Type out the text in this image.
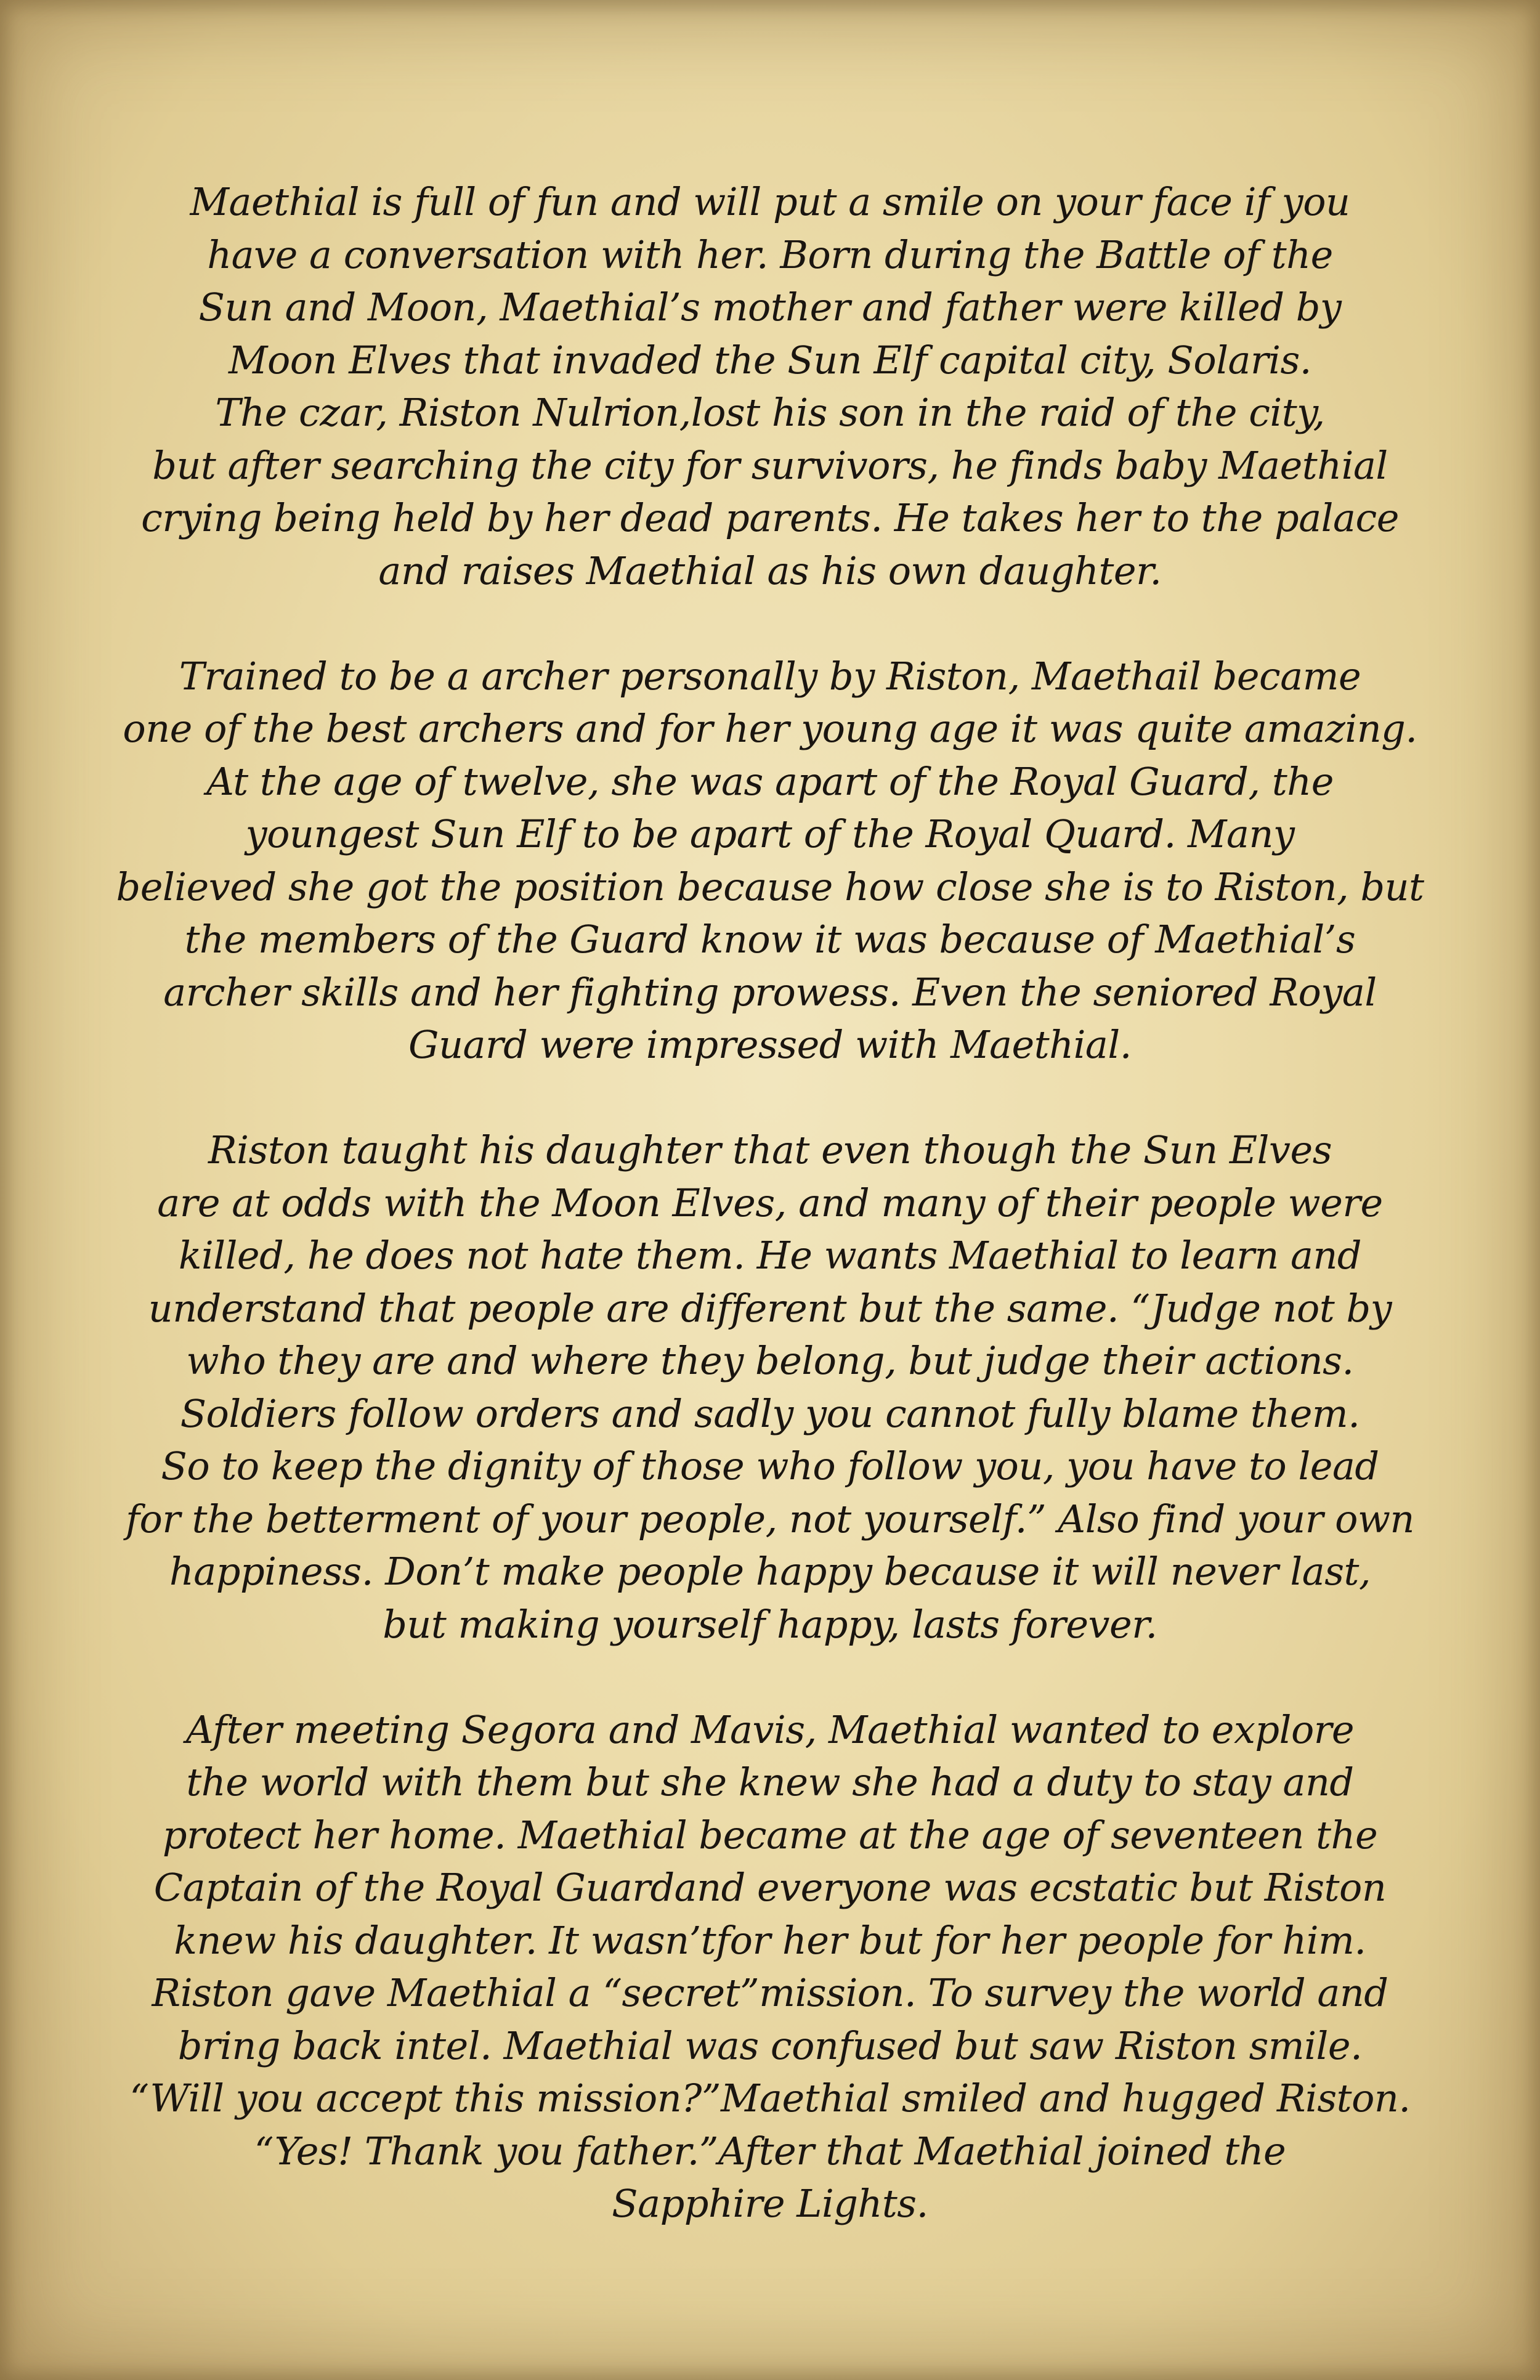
Maethial is full of fun and will put a smile on your face if you
have a conversation with her. Born during the Battle of the
Sun and Moon, Maethial’s mother and father were killed by
Moon Elves that invaded the Sun Elf capital city, Solaris.
The czar, Riston Nulrion,lost his son in the raid of the city,
but after searching the city for survivors, he finds baby Maethial
crying being held by her dead parents. He takes her to the palace
and raises Maethial as his own daughter.

Trained to be a archer personally by Riston, Maethail became
one of the best archers and for her young age it was quite amazing.
At the age of twelve, she was apart of the Royal Guard, the
youngest Sun Elf to be apart of the Royal Quard. Many
believed she got the position because how close she is to Riston, but
the members of the Guard know it was because of Maethial’s
archer skills and her fighting prowess. Even the seniored Royal
Guard were impressed with Maethial.

Riston taught his daughter that even though the Sun Elves
are at odds with the Moon Elves, and many of their people were
killed, he does not hate them. He wants Maethial to learn and
understand that people are different but the same. “Judge not by
who they are and where they belong, but judge their actions.
Soldiers follow orders and sadly you cannot fully blame them.
So to keep the dignity of those who follow you, you have to lead
for the betterment of your people, not yourself.” Also find your own
happiness. Don’t make people happy because it will never last,
but making yourself happy, lasts forever.

After meeting Segora and Mavis, Maethial wanted to explore
the world with them but she knew she had a duty to stay and
protect her home. Maethial became at the age of seventeen the
Captain of the Royal Guardand everyone was ecstatic but Riston
knew his daughter. It wasn’tfor her but for her people for him.
Riston gave Maethial a “secret”mission. To survey the world and
bring back intel. Maethial was confused but saw Riston smile.
“Will you accept this mission?”Maethial smiled and hugged Riston.
“Yes! Thank you father.”After that Maethial joined the
Sapphire Lights.
